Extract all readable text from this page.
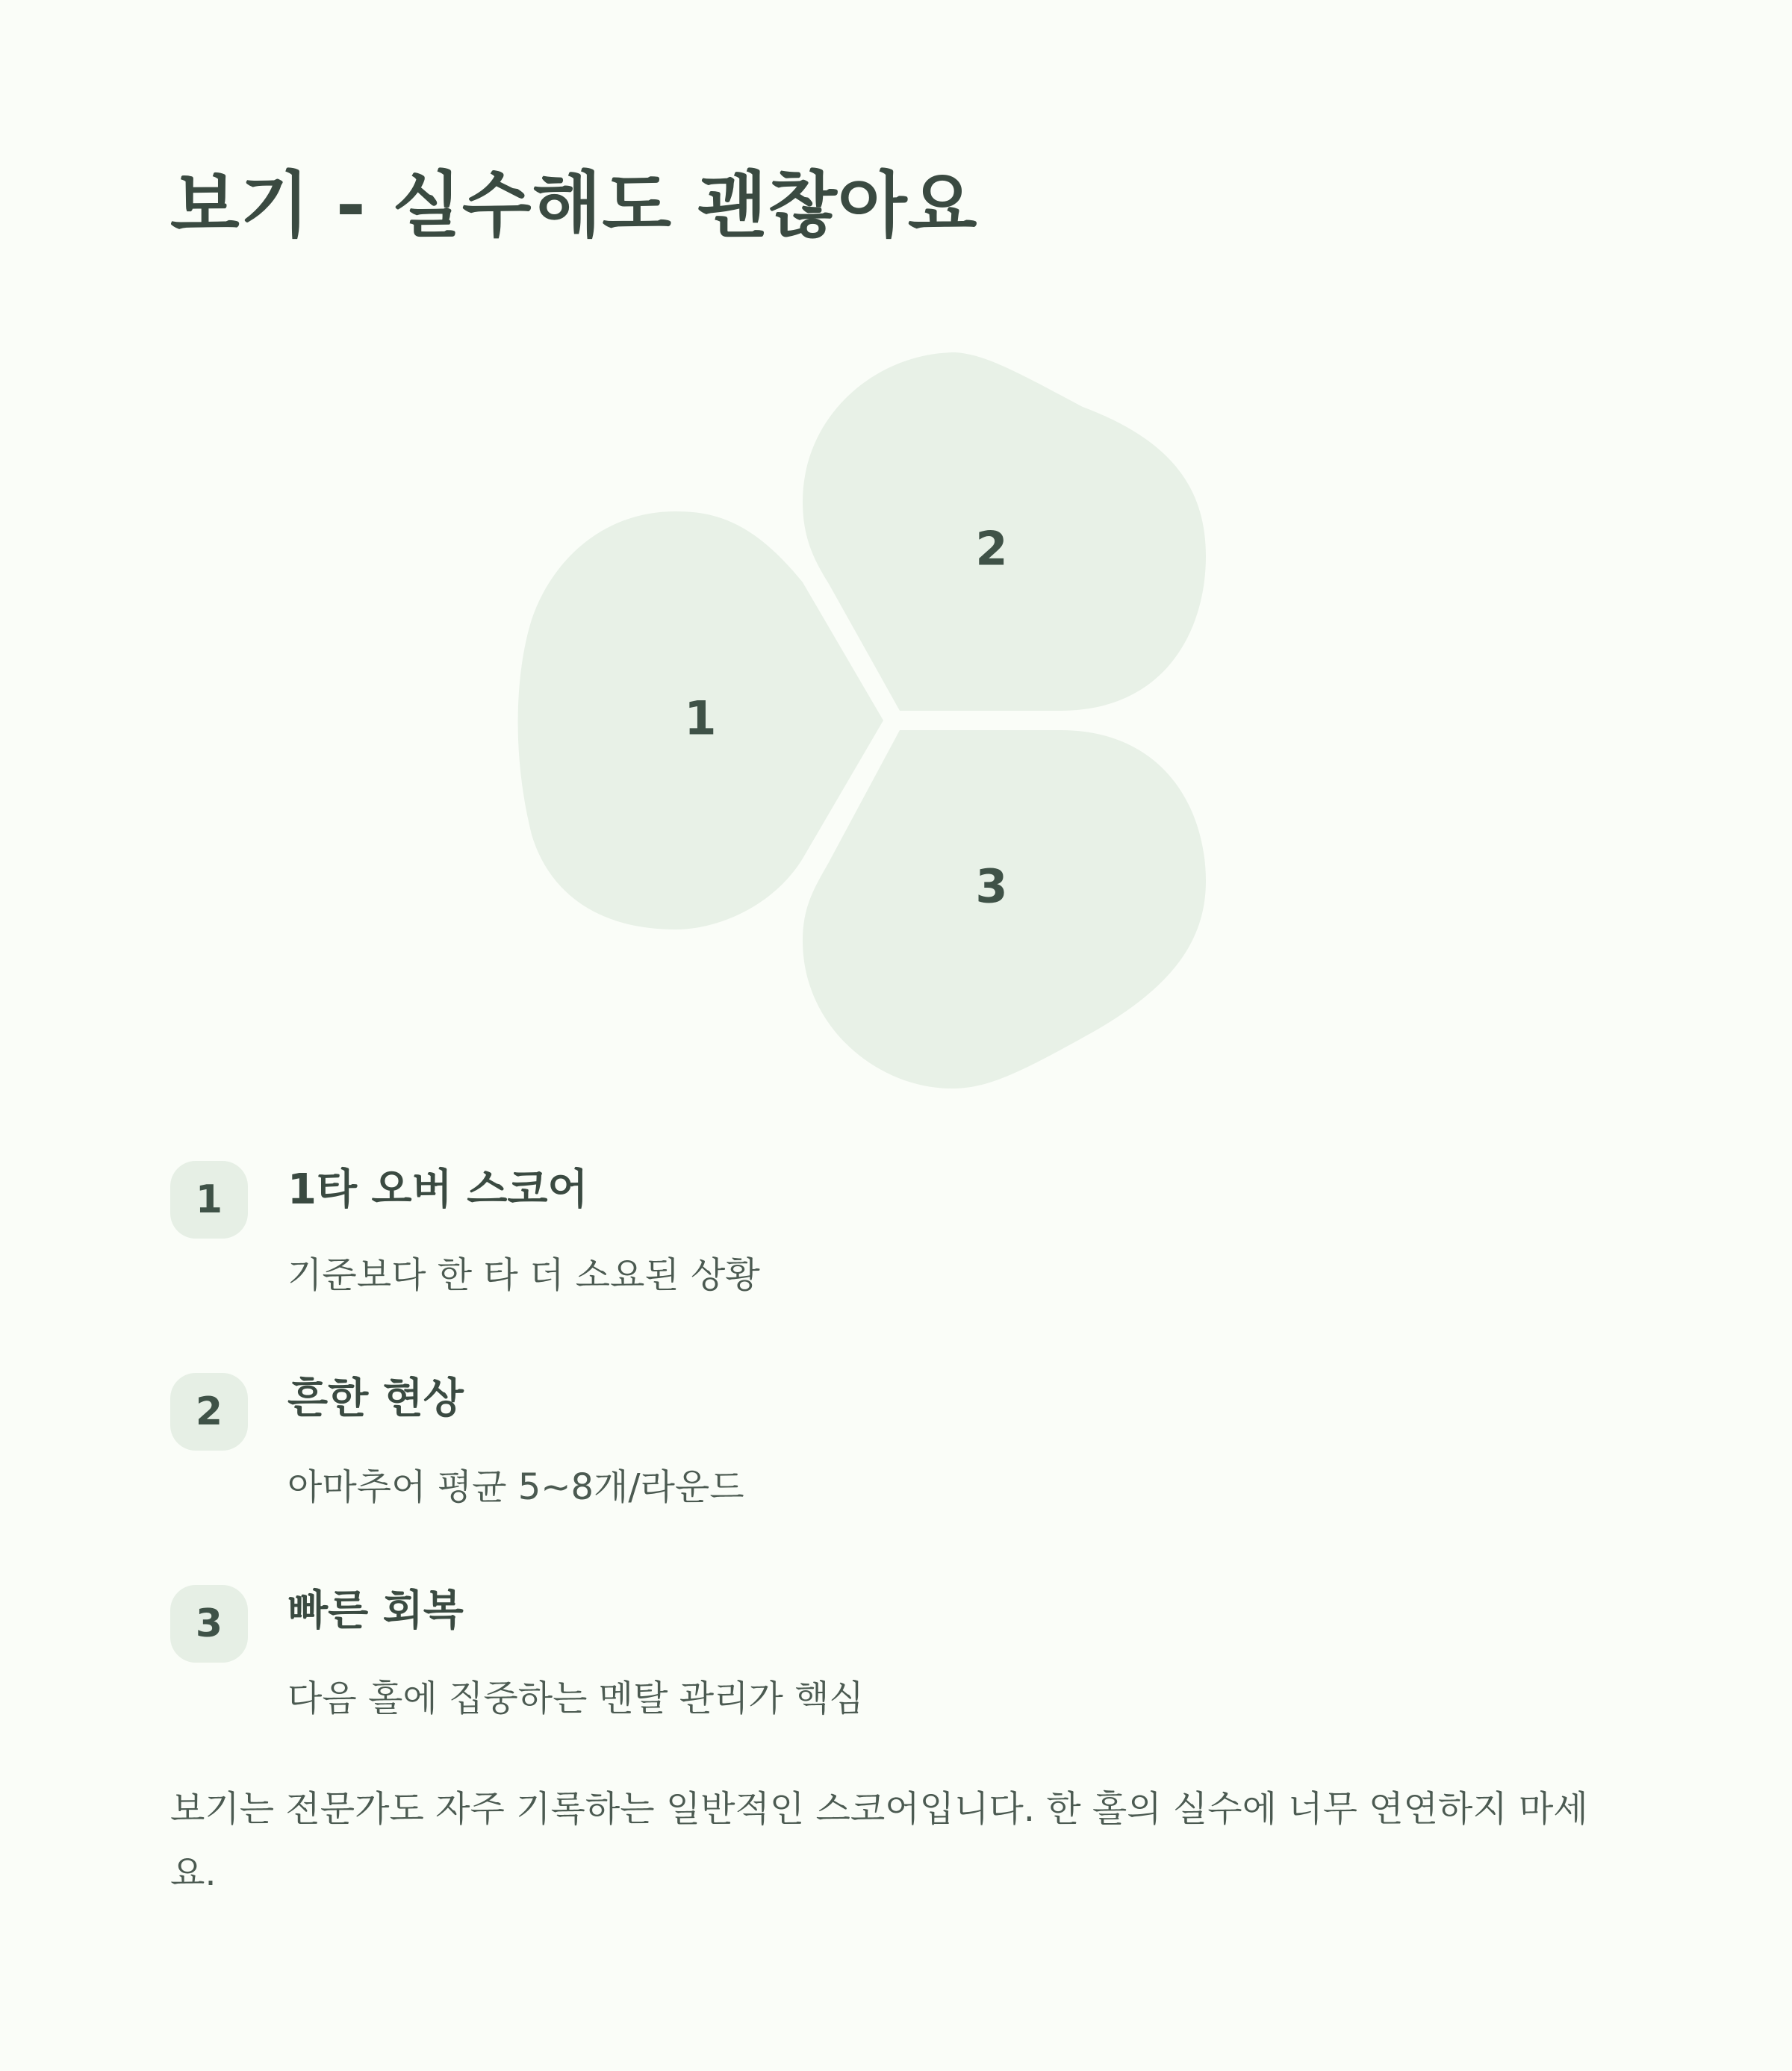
보기 - 실수해도 괜찮아요
1
2
3
1	1타 오버 스코어

기준보다 한 타 더 소요된 상황

2	흔한 현상

아마추어 평균 5~8개/라운드

3	빠른 회복

다음 홀에 집중하는 멘탈 관리가 핵심

보기는 전문가도 자주 기록하는 일반적인 스코어입니다. 한 홀의 실수에 너무 연연하지 마세요.
